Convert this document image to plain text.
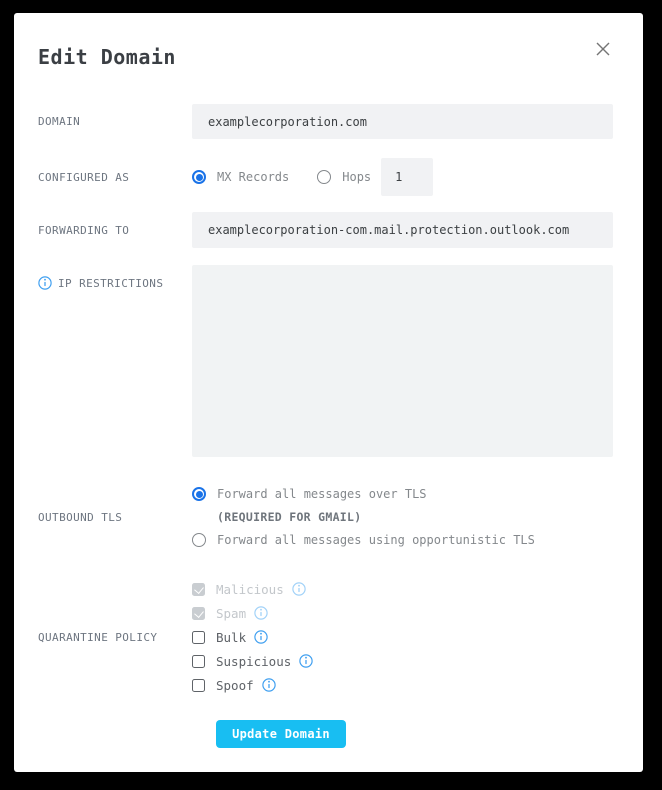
Edit Domain
DOMAIN
examplecorporation.com
CONFIGURED AS	MX Records	Hops
1
FORWARDING TO
examplecorporation-com.mail.protection.outlook.com
IP RESTRICTIONS
OUTBOUND TLS
Forward all messages over TLS
(REQUIRED FOR GMAIL)
Forward all messages using opportunistic TLS
QUARANTINE POLICY
Malicious
Spam
Bulk
Suspicious
Spoof
Update Domain
